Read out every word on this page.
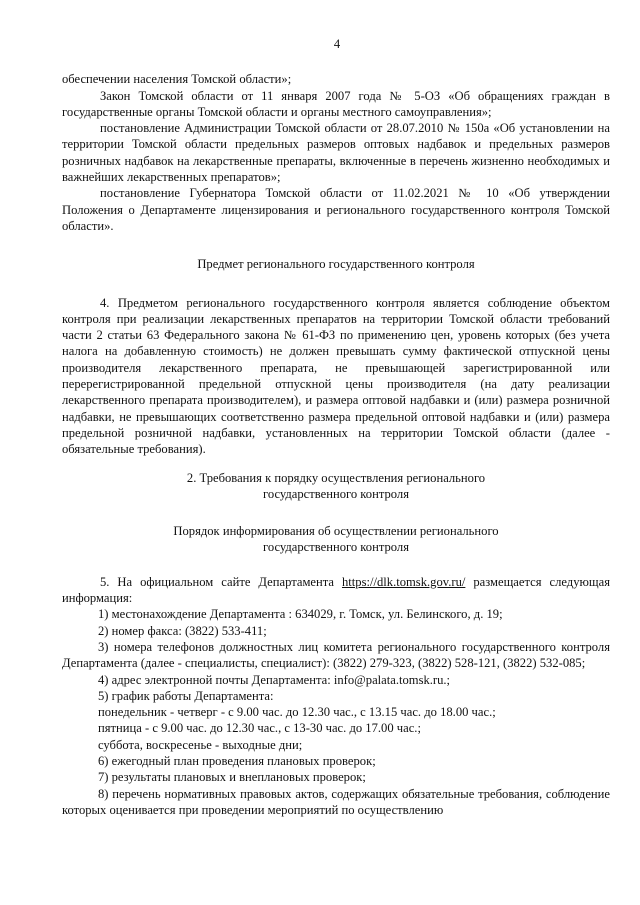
4

обеспечении населения Томской области»;

Закон Томской области от 11 января 2007 года № 5-ОЗ «Об обращениях граждан в государственные органы Томской области и органы местного самоуправления»;

постановление Администрации Томской области от 28.07.2010 № 150а «Об установлении на территории Томской области предельных размеров оптовых надбавок и предельных размеров розничных надбавок на лекарственные препараты, включенные в перечень жизненно необходимых и важнейших лекарственных препаратов»;

постановление Губернатора Томской области от 11.02.2021 № 10 «Об утверждении Положения о Департаменте лицензирования и регионального государственного контроля Томской области».

Предмет регионального государственного контроля

4. Предметом регионального государственного контроля является соблюдение объектом контроля при реализации лекарственных препаратов на территории Томской области требований части 2 статьи 63 Федерального закона № 61-ФЗ по применению цен, уровень которых (без учета налога на добавленную стоимость) не должен превышать сумму фактической отпускной цены производителя лекарственного препарата, не превышающей зарегистрированной или перерегистрированной предельной отпускной цены производителя (на дату реализации лекарственного препарата производителем), и размера оптовой надбавки и (или) размера розничной надбавки, не превышающих соответственно размера предельной оптовой надбавки и (или) размера предельной розничной надбавки, установленных на территории Томской области (далее - обязательные требования).

2. Требования к порядку осуществления регионального
государственного контроля
Порядок информирования об осуществлении регионального
государственного контроля

5. На официальном сайте Департамента https://dlk.tomsk.gov.ru/ размещается следующая информация:

1) местонахождение Департамента : 634029, г. Томск, ул. Белинского, д. 19;

2) номер факса: (3822) 533-411;

3) номера телефонов должностных лиц комитета регионального государственного контроля Департамента (далее - специалисты, специалист): (3822) 279-323, (3822) 528-121, (3822) 532-085;

4) адрес электронной почты Департамента: info@palata.tomsk.ru.;

5) график работы Департамента:

понедельник - четверг - с 9.00 час. до 12.30 час., с 13.15 час. до 18.00 час.;

пятница - с 9.00 час. до 12.30 час., с 13-30 час. до 17.00 час.;

суббота, воскресенье - выходные дни;

6) ежегодный план проведения плановых проверок;

7) результаты плановых и внеплановых проверок;

8) перечень нормативных правовых актов, содержащих обязательные требования, соблюдение которых оценивается при проведении мероприятий по осуществлению
